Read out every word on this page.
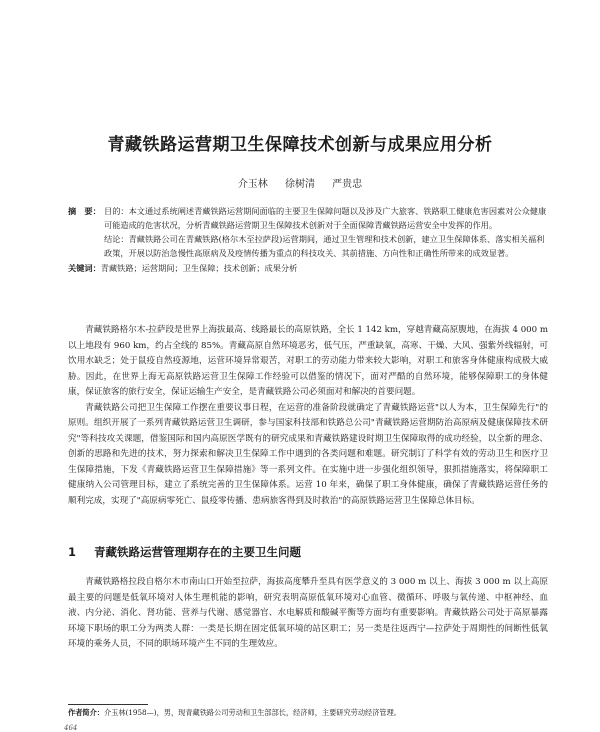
青藏铁路运营期卫生保障技术创新与成果应用分析
介玉林 徐树清 严贵忠
摘　要： 目的：本文通过系统阐述青藏铁路运营期间面临的主要卫生保障问题以及涉及广大旅客、铁路职工健康危害因素对公众健康可能造成的危害状况，分析青藏铁路运营期卫生保障技术创新对于全面保障青藏铁路运营安全中发挥的作用。
结论：青藏铁路公司在青藏铁路(格尔木至拉萨段)运营期间，通过卫生管理和技术创新，建立卫生保障体系、落实相关福利政策，开展以防治急慢性高原病及及疫情传播为重点的科技攻关、其前措施、方向性和正确性所带来的成效显著。
关键词：青藏铁路；运营期间；卫生保障；技术创新；成果分析

青藏铁路格尔木-拉萨段是世界上海拔最高、线路最长的高原铁路，全长 1 142 km，穿越青藏高原腹地，在海拔 4 000 m 以上地段有 960 km，约占全线的 85%。青藏高原自然环境恶劣，低气压，严重缺氧，高寒、干燥、大风、强紫外线辐射，可饮用水缺乏；处于鼠疫自然疫源地，运营环境异常艰苦，对职工的劳动能力带来较大影响，对职工和旅客身体健康构成极大威胁。因此，在世界上海无高原铁路运营卫生保障工作经验可以借鉴的情况下，面对严酷的自然环境，能够保障职工的身体健康，保证旅客的旅行安全，保证运输生产安全，是青藏铁路公司必须面对和解决的首要问题。

青藏铁路公司把卫生保障工作摆在重要议事日程，在运营的准备阶段就确定了青藏铁路运营"以人为本，卫生保障先行"的原则。组织开展了一系列青藏铁路运营卫生调研，参与国家科技部和铁路总公司"青藏铁路运营期防治高原病及健康保障技术研究"等科技攻关课题，借鉴国际和国内高原医学既有的研究成果和青藏铁路建设时期卫生保障取得的成功经验，以全新的理念、创新的思路和先进的技术，努力探索和解决卫生保障工作中遇到的各类问题和难题。研究制订了科学有效的劳动卫生和医疗卫生保障措施，下发《青藏铁路运营卫生保障措施》等一系列文件。在实施中进一步强化组织领导，狠抓措施落实，将保障职工健康纳入公司管理目标，建立了系统完善的卫生保障体系。运营 10 年来，确保了职工身体健康，确保了青藏铁路运营任务的顺利完成，实现了"高原病零死亡、鼠疫零传播、患病旅客得到及时救治"的高原铁路运营卫生保障总体目标。

1 青藏铁路运营管理期存在的主要卫生问题

青藏铁路格拉段自格尔木市南山口开始至拉萨，海拔高度攀升至具有医学意义的 3 000 m 以上、海拔 3 000 m 以上高原最主要的问题是低氧环境对人体生理机能的影响，研究表明高原低氧环境对心血管、微循环、呼吸与氧传递、中枢神经、血液、内分泌、消化、肾功能、营养与代谢、感觉器官、水电解质和酸碱平衡等方面均有重要影响。青藏铁路公司处于高原暴露环境下职场的职工分为两类人群：一类是长期在固定低氧环境的站区职工；另一类是往返西宁—拉萨处于周期性的间断性低氧环境的乘务人员，不同的职场环境产生不同的生理效应。

作者简介：介玉林(1958—)，男，现青藏铁路公司劳动和卫生部部长，经济师，主要研究劳动经济管理。
464
